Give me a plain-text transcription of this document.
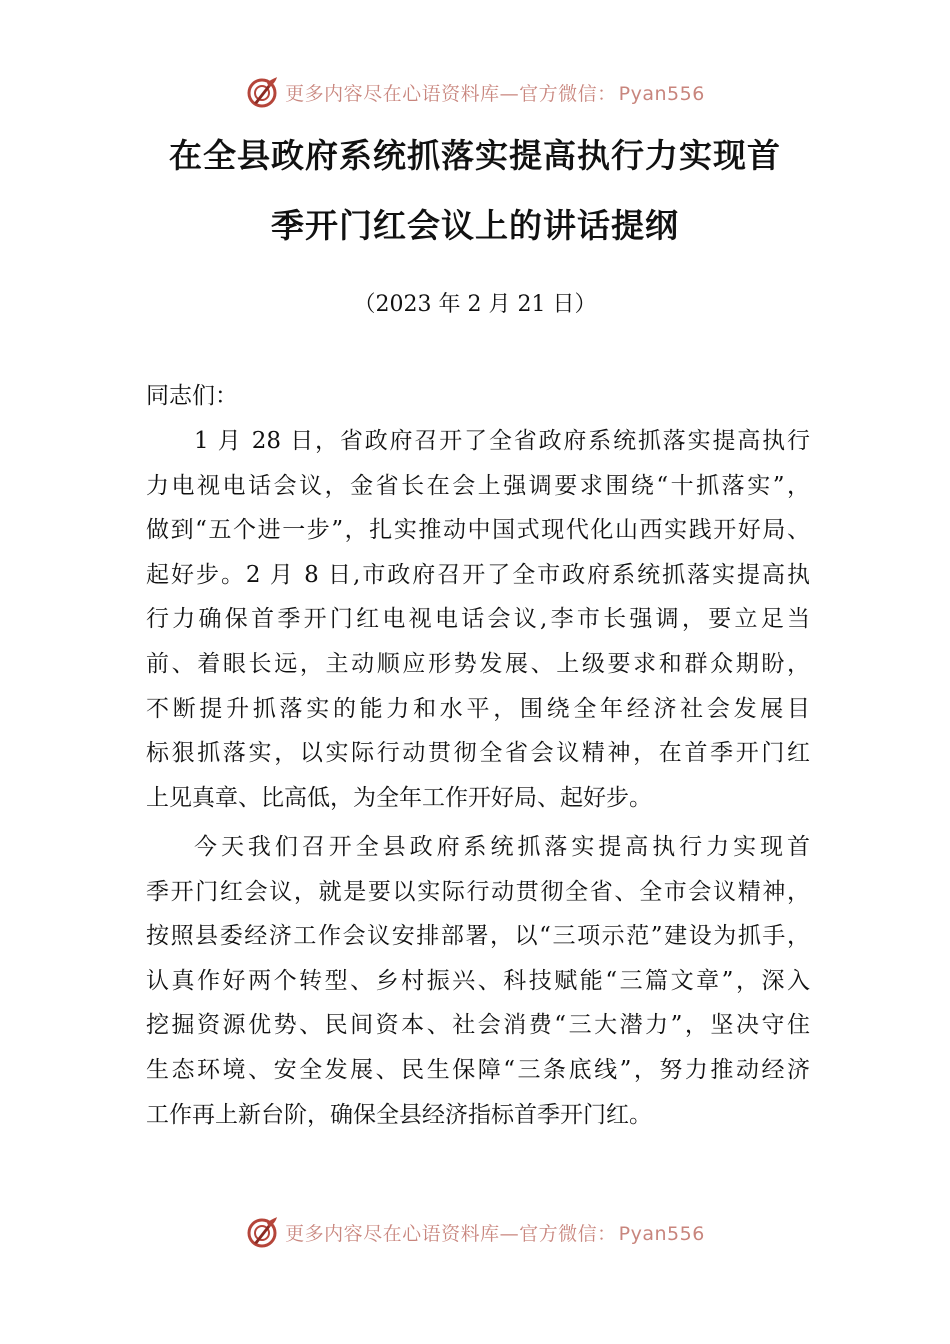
更多内容尽在心语资料库—官方微信： Pyan556
在全县政府系统抓落实提高执行力实现首
季开门红会议上的讲话提纲
（2023 年 2 月 21 日）
同志们：
1 月 28 日，省政府召开了全省政府系统抓落实提高执行
力电视电话会议，金省长在会上强调要求围绕“十抓落实”，
做到“五个进一步”，扎实推动中国式现代化山西实践开好局、
起好步。2 月 8 日,市政府召开了全市政府系统抓落实提高执
行力确保首季开门红电视电话会议,李市长强调，要立足当
前、着眼长远，主动顺应形势发展、上级要求和群众期盼，
不断提升抓落实的能力和水平，围绕全年经济社会发展目
标狠抓落实，以实际行动贯彻全省会议精神，在首季开门红
上见真章、比高低，为全年工作开好局、起好步。
今天我们召开全县政府系统抓落实提高执行力实现首
季开门红会议，就是要以实际行动贯彻全省、全市会议精神，
按照县委经济工作会议安排部署，以“三项示范”建设为抓手，
认真作好两个转型、乡村振兴、科技赋能“三篇文章”，深入
挖掘资源优势、民间资本、社会消费“三大潜力”，坚决守住
生态环境、安全发展、民生保障“三条底线”，努力推动经济
工作再上新台阶，确保全县经济指标首季开门红。
更多内容尽在心语资料库—官方微信： Pyan556
